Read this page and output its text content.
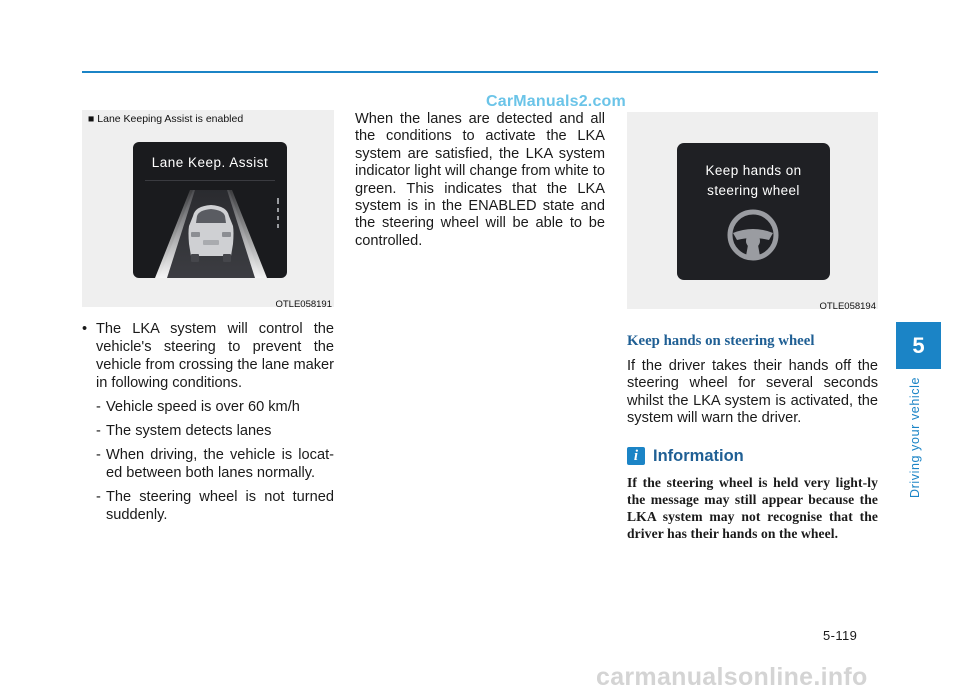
CarManuals2.com
■ Lane Keeping Assist is enabled
Lane Keep. Assist
OTLE058191
• The LKA system will control the vehicle's steering to prevent the vehicle from crossing the lane maker in following conditions.
- Vehicle speed is over 60 km/h
- The system detects lanes
- When driving, the vehicle is locat-ed between both lanes normally.
- The steering wheel is not turned suddenly.

When the lanes are detected and all the conditions to activate the LKA system are satisfied, the LKA system indicator light will change from white to green. This indicates that the LKA system is in the ENABLED state and the steering wheel will be able to be controlled.

Keep hands on
steering wheel
OTLE058194
Keep hands on steering wheel

If the driver takes their hands off the steering wheel for several seconds whilst the LKA system is activated, the system will warn the driver.

i Information

If the steering wheel is held very light-ly the message may still appear because the LKA system may not recognise that the driver has their hands on the wheel.

5
Driving your vehicle
5-119
carmanualsonline.info
